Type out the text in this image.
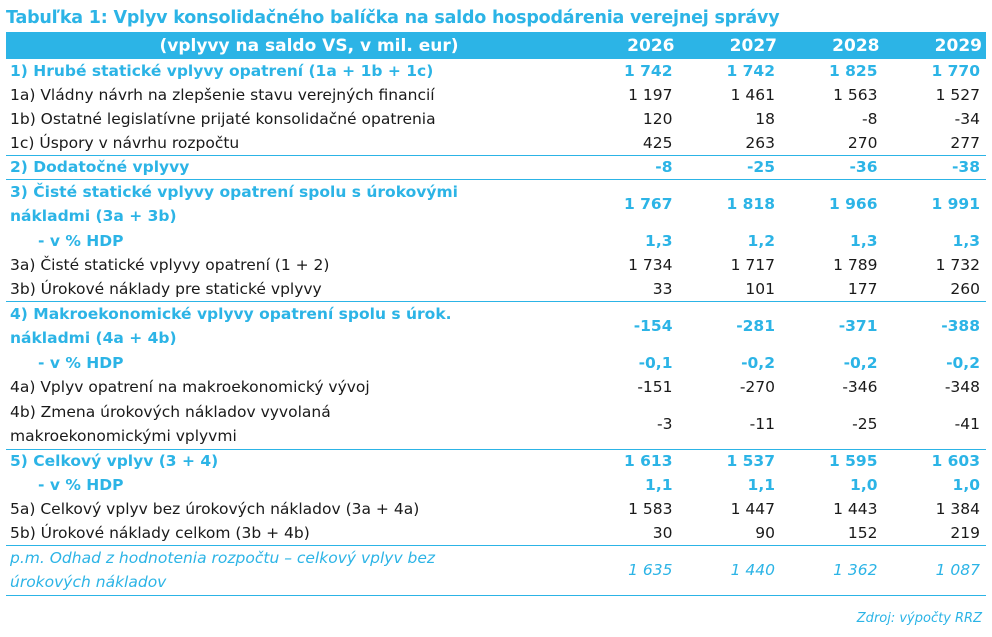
Tabuľka 1: Vplyv konsolidačného balíčka na saldo hospodárenia verejnej správy
(vplyvy na saldo VS, v mil. eur)	2026	2027	2028	2029
1) Hrubé statické vplyvy opatrení (1a + 1b + 1c)	1 742	1 742	1 825	1 770
1a) Vládny návrh na zlepšenie stavu verejných financií	1 197	1 461	1 563	1 527
1b) Ostatné legislatívne prijaté konsolidačné opatrenia	120	18	-8	-34
1c) Úspory v návrhu rozpočtu	425	263	270	277
2) Dodatočné vplyvy	-8	-25	-36	-38
3) Čisté statické vplyvy opatrení spolu s úrokovými nákladmi (3a + 3b)	1 767	1 818	1 966	1 991
- v % HDP	1,3	1,2	1,3	1,3
3a) Čisté statické vplyvy opatrení (1 + 2)	1 734	1 717	1 789	1 732
3b) Úrokové náklady pre statické vplyvy	33	101	177	260
4) Makroekonomické vplyvy opatrení spolu s úrok. nákladmi (4a + 4b)	-154	-281	-371	-388
- v % HDP	-0,1	-0,2	-0,2	-0,2
4a) Vplyv opatrení na makroekonomický vývoj	-151	-270	-346	-348
4b) Zmena úrokových nákladov vyvolaná makroekonomickými vplyvmi	-3	-11	-25	-41
5) Celkový vplyv (3 + 4)	1 613	1 537	1 595	1 603
- v % HDP	1,1	1,1	1,0	1,0
5a) Celkový vplyv bez úrokových nákladov (3a + 4a)	1 583	1 447	1 443	1 384
5b) Úrokové náklady celkom (3b + 4b)	30	90	152	219
p.m. Odhad z hodnotenia rozpočtu – celkový vplyv bez úrokových nákladov	1 635	1 440	1 362	1 087
Zdroj: výpočty RRZ
